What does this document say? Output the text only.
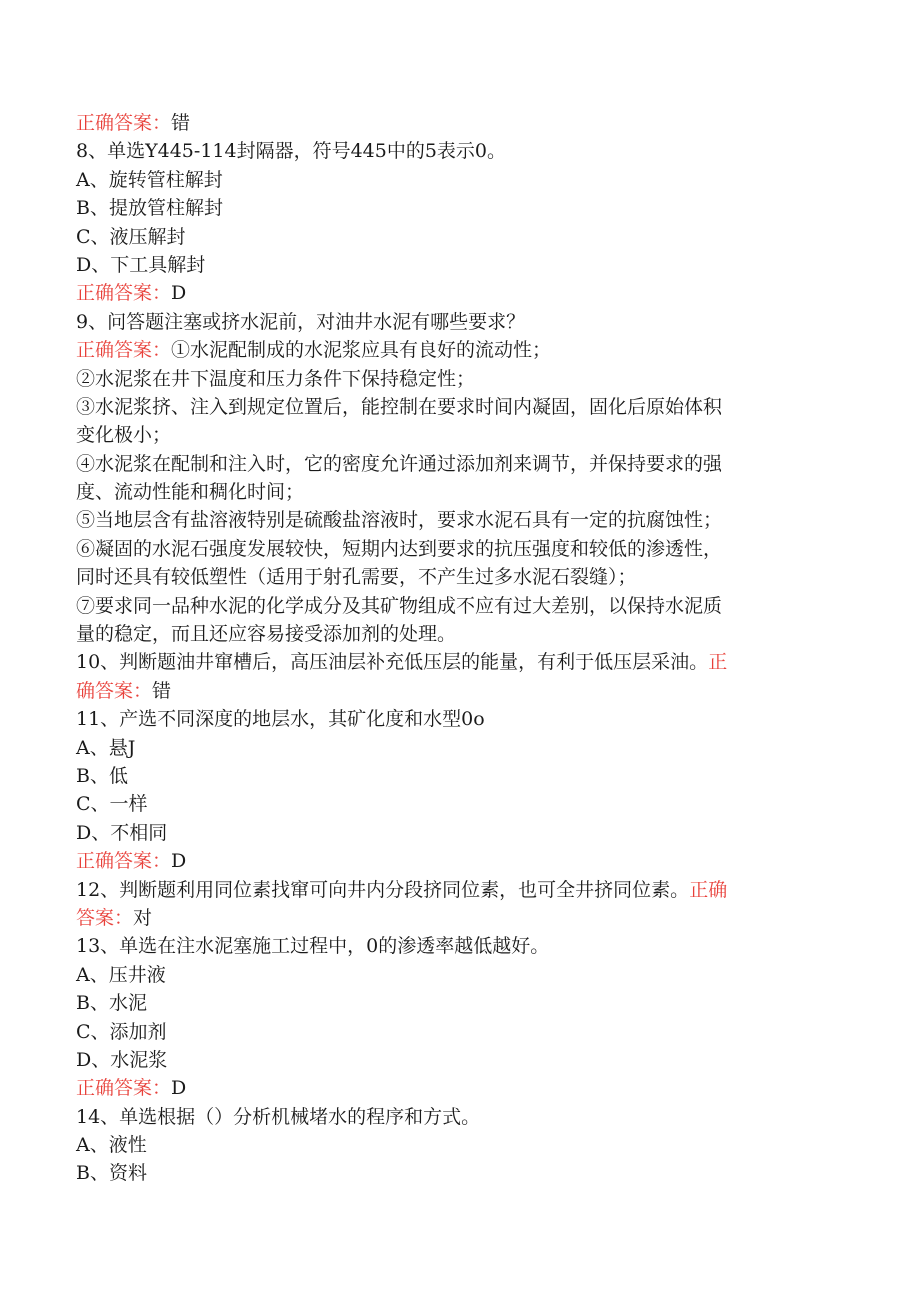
正确答案：错
8、单选Y445-114封隔器，符号445中的5表示0。
A、旋转管柱解封
B、提放管柱解封
C、液压解封
D、下工具解封
正确答案：D
9、问答题注塞或挤水泥前，对油井水泥有哪些要求？
正确答案：①水泥配制成的水泥浆应具有良好的流动性；
②水泥浆在井下温度和压力条件下保持稳定性；
③水泥浆挤、注入到规定位置后，能控制在要求时间内凝固，固化后原始体积
变化极小；
④水泥浆在配制和注入时，它的密度允许通过添加剂来调节，并保持要求的强
度、流动性能和稠化时间；
⑤当地层含有盐溶液特别是硫酸盐溶液时，要求水泥石具有一定的抗腐蚀性；
⑥凝固的水泥石强度发展较快，短期内达到要求的抗压强度和较低的渗透性，
同时还具有较低塑性（适用于射孔需要，不产生过多水泥石裂缝）；
⑦要求同一品种水泥的化学成分及其矿物组成不应有过大差别，以保持水泥质
量的稳定，而且还应容易接受添加剂的处理。
10、判断题油井窜槽后，高压油层补充低压层的能量，有利于低压层采油。正
确答案：错
11、产选不同深度的地层水，其矿化度和水型0o
A、悬J
B、低
C、一样
D、不相同
正确答案：D
12、判断题利用同位素找窜可向井内分段挤同位素，也可全井挤同位素。正确
答案：对
13、单选在注水泥塞施工过程中，0的渗透率越低越好。
A、压井液
B、水泥
C、添加剂
D、水泥浆
正确答案：D
14、单选根据（）分析机械堵水的程序和方式。
A、液性
B、资料
